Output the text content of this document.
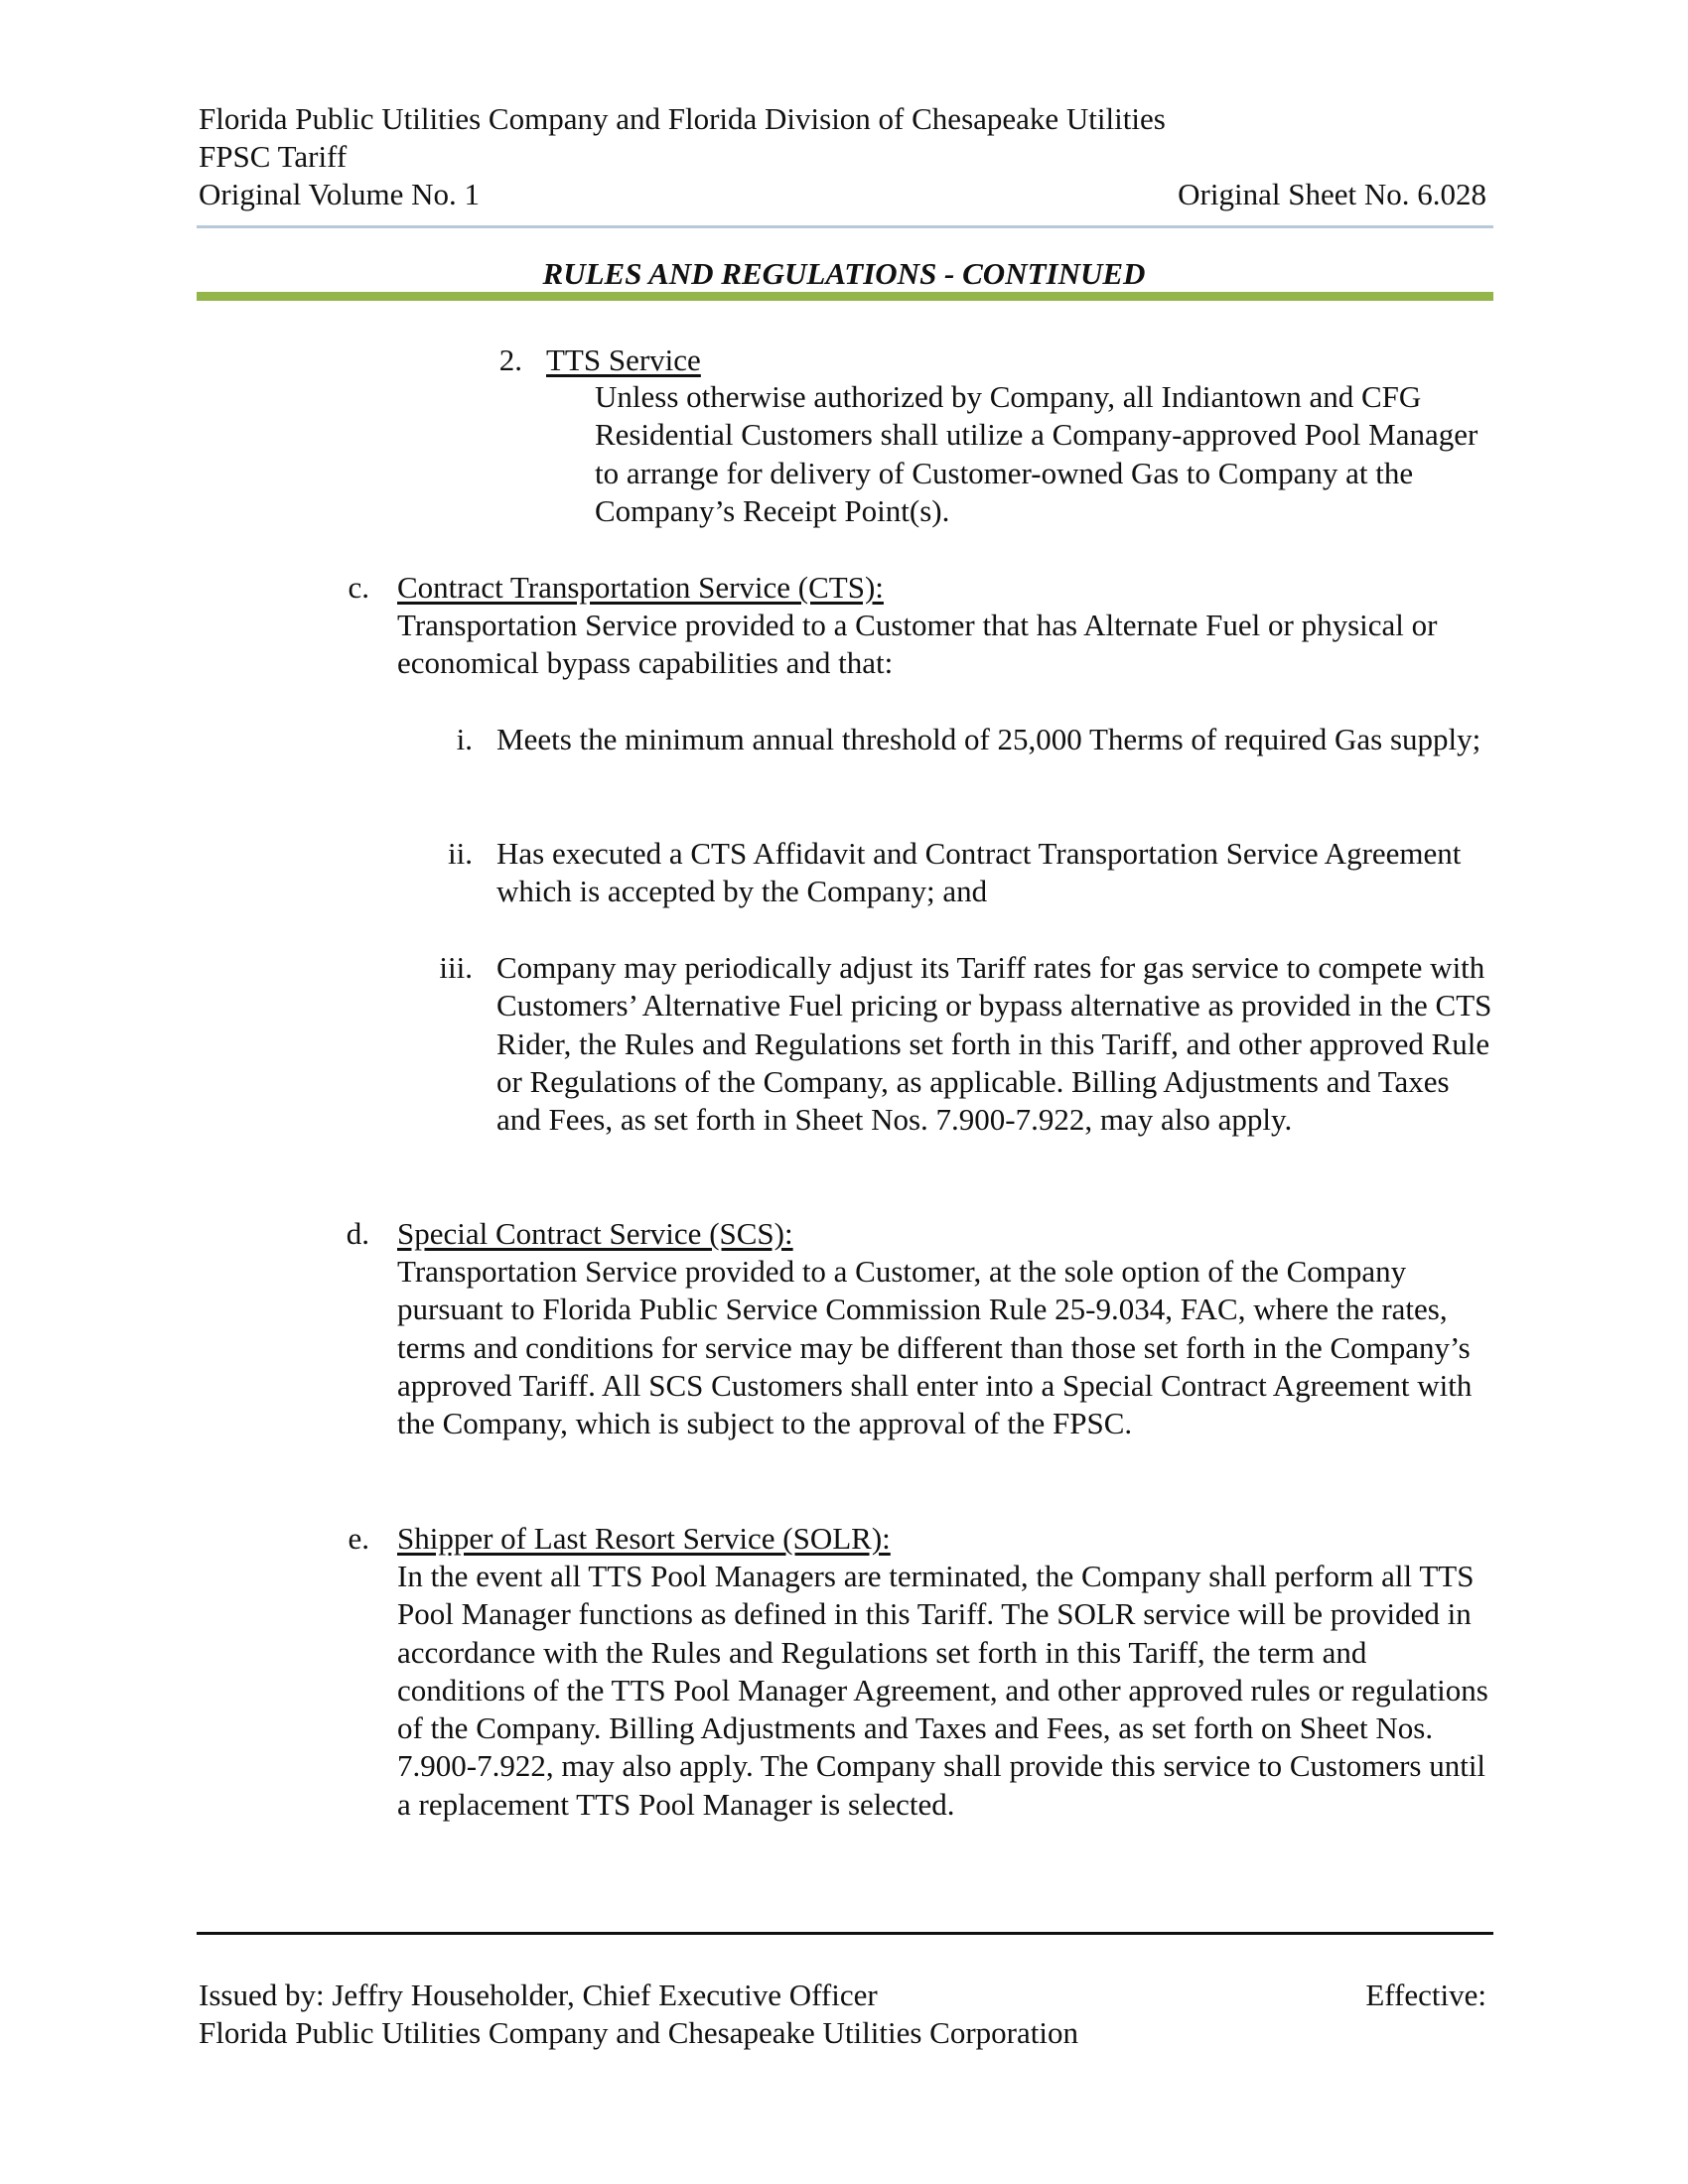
Florida Public Utilities Company and Florida Division of Chesapeake Utilities
FPSC Tariff
Original Volume No. 1	Original Sheet No. 6.028
RULES AND REGULATIONS - CONTINUED
2. TTS Service
Unless otherwise authorized by Company, all Indiantown and CFG Residential Customers shall utilize a Company-approved Pool Manager to arrange for delivery of Customer-owned Gas to Company at the Company’s Receipt Point(s).
c. Contract Transportation Service (CTS):
Transportation Service provided to a Customer that has Alternate Fuel or physical or economical bypass capabilities and that:
i. Meets the minimum annual threshold of 25,000 Therms of required Gas supply;
ii. Has executed a CTS Affidavit and Contract Transportation Service Agreement which is accepted by the Company; and
iii. Company may periodically adjust its Tariff rates for gas service to compete with Customers’ Alternative Fuel pricing or bypass alternative as provided in the CTS Rider, the Rules and Regulations set forth in this Tariff, and other approved Rule or Regulations of the Company, as applicable. Billing Adjustments and Taxes and Fees, as set forth in Sheet Nos. 7.900-7.922, may also apply.
d. Special Contract Service (SCS):
Transportation Service provided to a Customer, at the sole option of the Company pursuant to Florida Public Service Commission Rule 25-9.034, FAC, where the rates, terms and conditions for service may be different than those set forth in the Company’s approved Tariff. All SCS Customers shall enter into a Special Contract Agreement with the Company, which is subject to the approval of the FPSC.
e. Shipper of Last Resort Service (SOLR):
In the event all TTS Pool Managers are terminated, the Company shall perform all TTS Pool Manager functions as defined in this Tariff. The SOLR service will be provided in accordance with the Rules and Regulations set forth in this Tariff, the term and conditions of the TTS Pool Manager Agreement, and other approved rules or regulations of the Company. Billing Adjustments and Taxes and Fees, as set forth on Sheet Nos. 7.900-7.922, may also apply. The Company shall provide this service to Customers until a replacement TTS Pool Manager is selected.
Issued by: Jeffry Householder, Chief Executive Officer	Effective:
Florida Public Utilities Company and Chesapeake Utilities Corporation
